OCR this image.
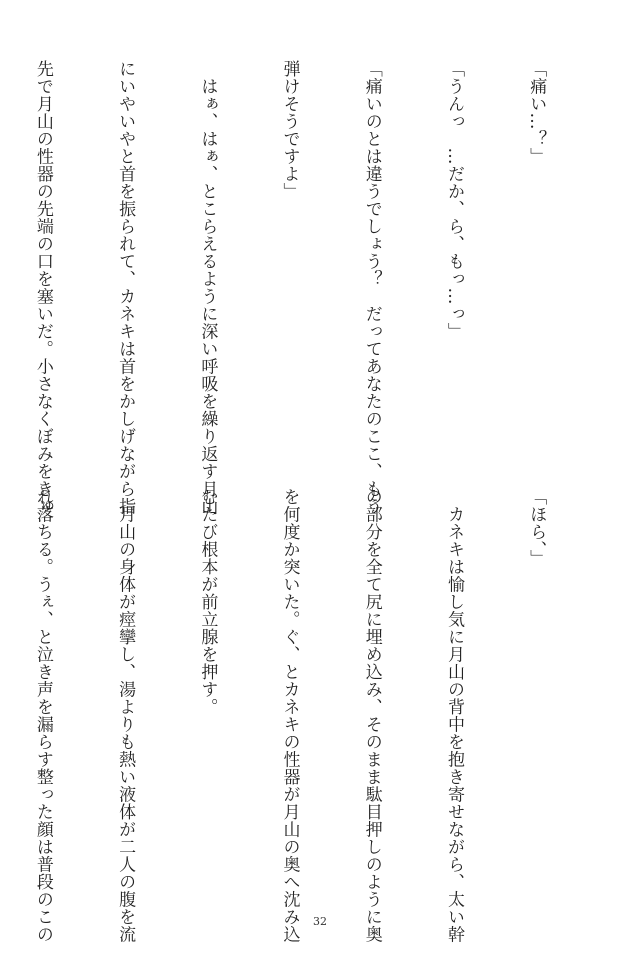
「痛い…？」

「うんっ　…だか、ら、もっ…っ」

「痛いのとは違うでしょう？　だってあなたのここ、もう

弾けそうですよ」

　はぁ、はぁ、とこらえるように深い呼吸を繰り返す月山

にいやいやと首を振られて、カネキは首をかしげながら指

先で月山の性器の先端の口を塞いだ。小さなくぼみをきゅ

「ほら、」

　カネキは愉し気に月山の背中を抱き寄せながら、太い幹

の部分を全て尻に埋め込み、そのまま駄目押しのように奥

を何度か突いた。ぐ、とカネキの性器が月山の奥へ沈み込

むたび根本が前立腺を押す。

　月山の身体が痙攣し、湯よりも熱い液体が二人の腹を流

れ落ちる。うぇ、と泣き声を漏らす整った顔は普段のこの

	32
